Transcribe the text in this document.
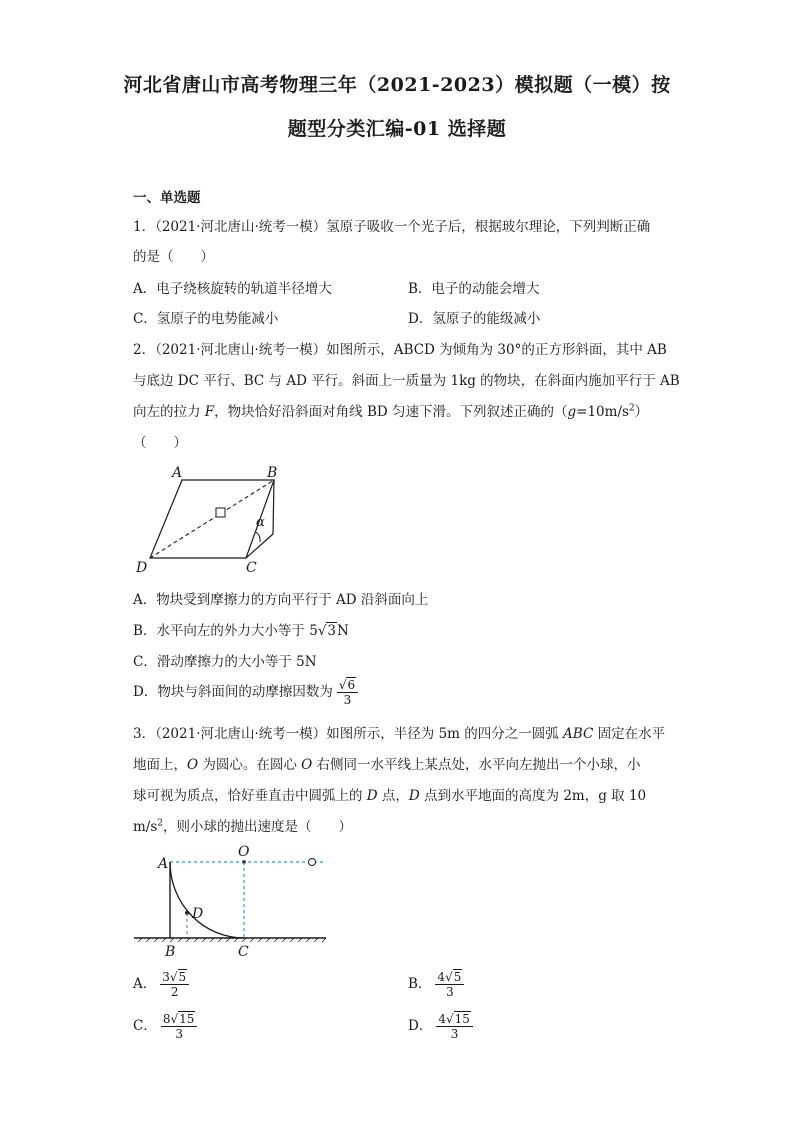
河北省唐山市高考物理三年（2021-2023）模拟题（一模）按
题型分类汇编-01 选择题
一、单选题
1．（2021·河北唐山·统考一模）氢原子吸收一个光子后，根据玻尔理论，下列判断正确
的是（　　）
A．电子绕核旋转的轨道半径增大	B．电子的动能会增大
C．氢原子的电势能减小	D．氢原子的能级减小
2．（2021·河北唐山·统考一模）如图所示，ABCD 为倾角为 30°的正方形斜面，其中 AB
与底边 DC 平行、BC 与 AD 平行。斜面上一质量为 1kg 的物块，在斜面内施加平行于 AB
向左的拉力 F，物块恰好沿斜面对角线 BD 匀速下滑。下列叙述正确的$(g=10m/s^2)$
（　　）
A	B
C
D
α
A．物块受到摩擦力的方向平行于 AD 沿斜面向上
B．水平向左的外力大小等于 5√3N
C．滑动摩擦力的大小等于 5N
D．物块与斜面间的动摩擦因数为 $\frac{√6}{3}$
3．（2021·河北唐山·统考一模）如图所示，半径为 5m 的四分之一圆弧 ABC 固定在水平
地面上，O 为圆心。在圆心 O 右侧同一水平线上某点处，水平向左抛出一个小球，小
球可视为质点，恰好垂直击中圆弧上的 D 点，D 点到水平地面的高度为 2m，g 取 10
$m/s^2$，则小球的抛出速度是（　　）
A
O
D
B	C
A． $\frac{3√5}{2}$	B． $\frac{4√5}{3}$
C． $\frac{8√15}{3}$	D． $\frac{4√15}{3}$
